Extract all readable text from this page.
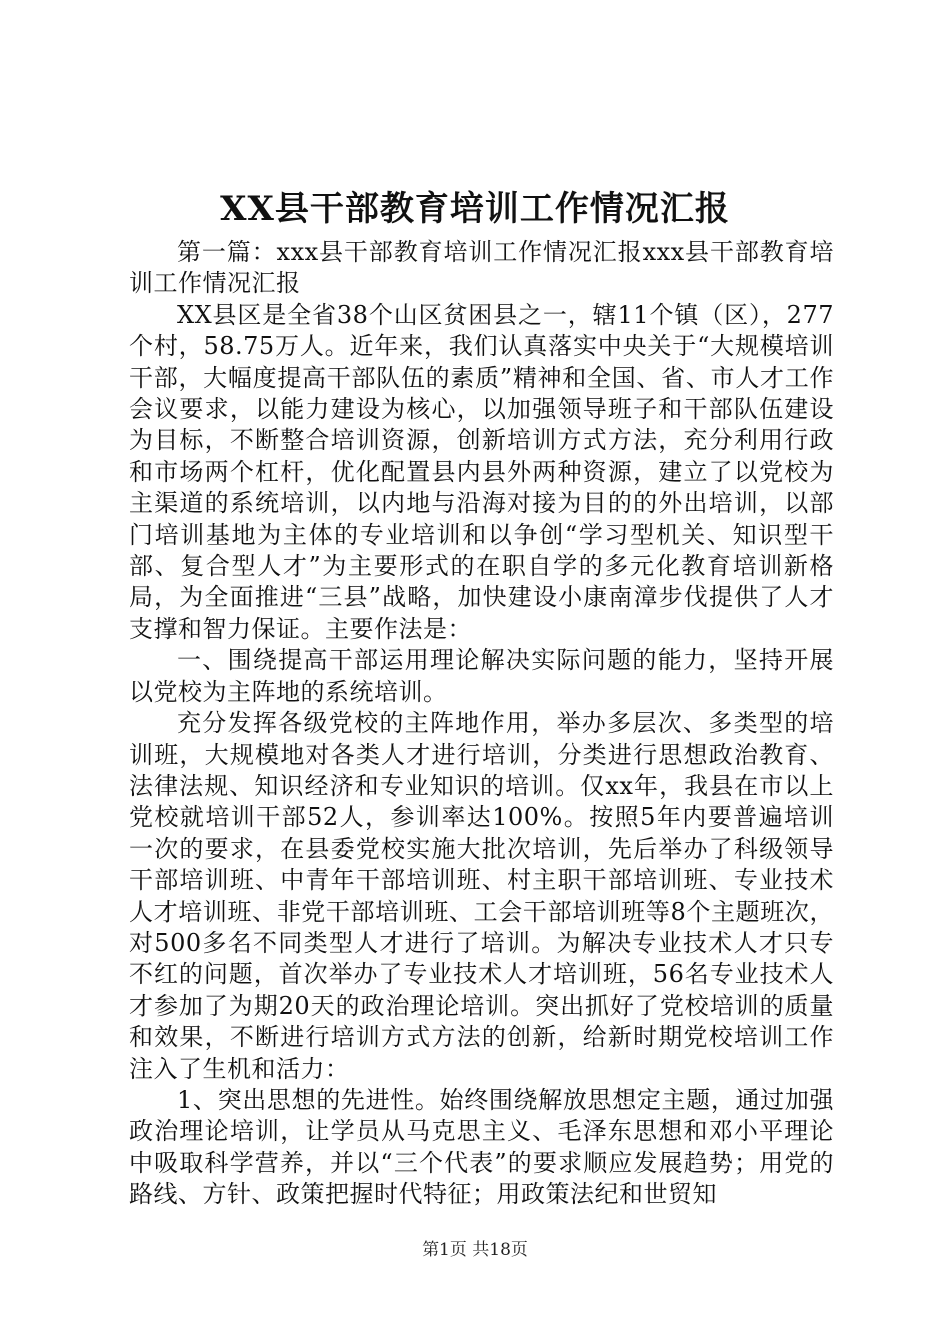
XX县干部教育培训工作情况汇报

第一篇：xxx县干部教育培训工作情况汇报xxx县干部教育培训工作情况汇报

XX县区是全省38个山区贫困县之一，辖11个镇（区），277个村，58.75万人。近年来，我们认真落实中央关于“大规模培训干部，大幅度提高干部队伍的素质”精神和全国、省、市人才工作会议要求，以能力建设为核心，以加强领导班子和干部队伍建设为目标，不断整合培训资源，创新培训方式方法，充分利用行政和市场两个杠杆，优化配置县内县外两种资源，建立了以党校为主渠道的系统培训，以内地与沿海对接为目的的外出培训，以部门培训基地为主体的专业培训和以争创“学习型机关、知识型干部、复合型人才”为主要形式的在职自学的多元化教育培训新格局，为全面推进“三县”战略，加快建设小康南漳步伐提供了人才支撑和智力保证。主要作法是：

一、围绕提高干部运用理论解决实际问题的能力，坚持开展以党校为主阵地的系统培训。

充分发挥各级党校的主阵地作用，举办多层次、多类型的培训班，大规模地对各类人才进行培训，分类进行思想政治教育、法律法规、知识经济和专业知识的培训。仅xx年，我县在市以上党校就培训干部52人，参训率达100%。按照5年内要普遍培训一次的要求，在县委党校实施大批次培训，先后举办了科级领导干部培训班、中青年干部培训班、村主职干部培训班、专业技术人才培训班、非党干部培训班、工会干部培训班等8个主题班次，对500多名不同类型人才进行了培训。为解决专业技术人才只专不红的问题，首次举办了专业技术人才培训班，56名专业技术人才参加了为期20天的政治理论培训。突出抓好了党校培训的质量和效果，不断进行培训方式方法的创新，给新时期党校培训工作注入了生机和活力：

1、突出思想的先进性。始终围绕解放思想定主题，通过加强政治理论培训，让学员从马克思主义、毛泽东思想和邓小平理论中吸取科学营养，并以“三个代表”的要求顺应发展趋势；用党的路线、方针、政策把握时代特征；用政策法纪和世贸知

第1页 共18页
